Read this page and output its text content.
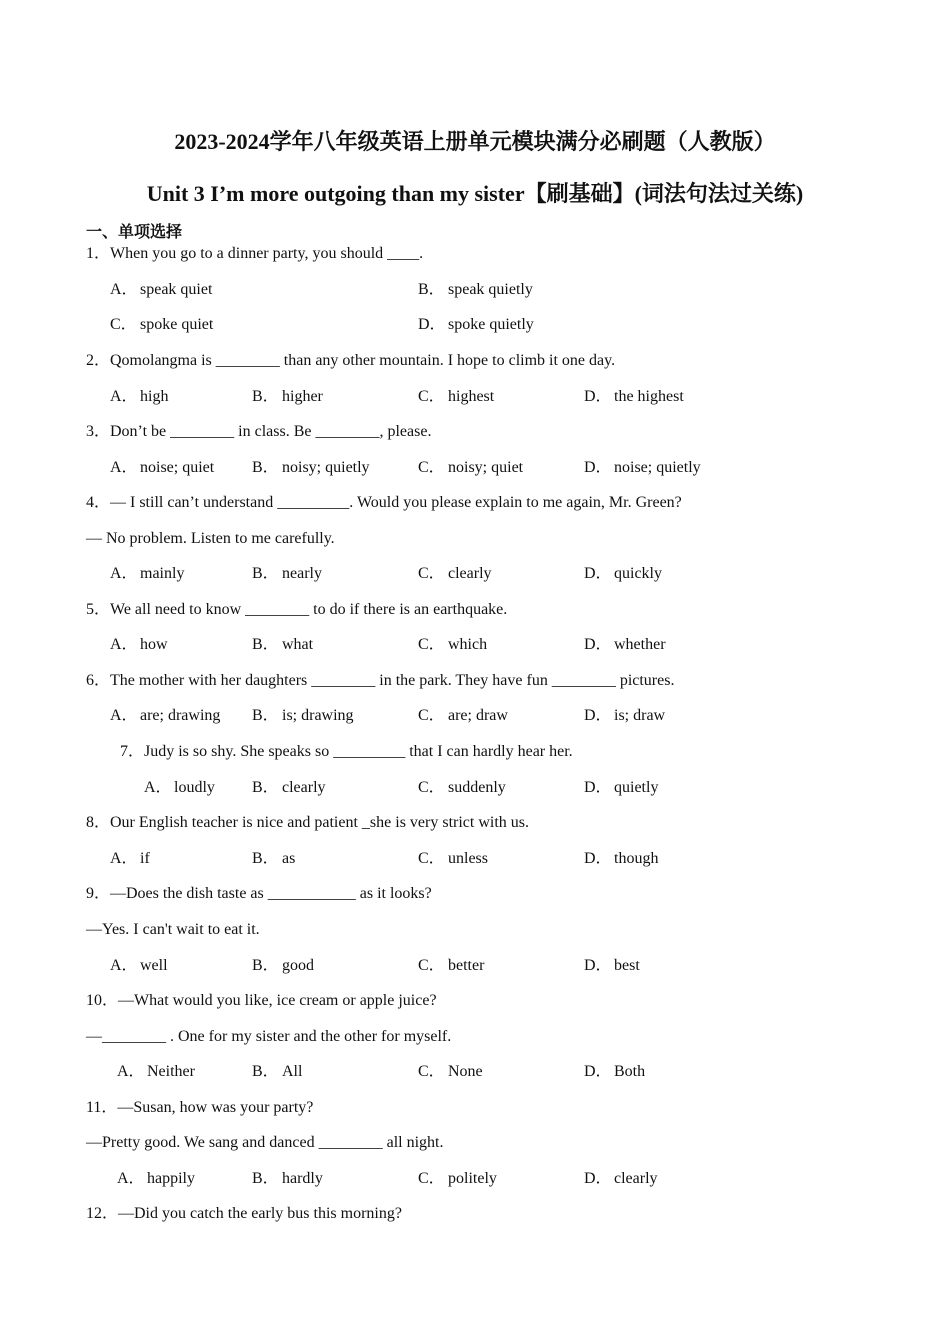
2023-2024学年八年级英语上册单元模块满分必刷题（人教版）
Unit 3 I’m more outgoing than my sister【刷基础】(词法句法过关练)
一、单项选择
1．When you go to a dinner party, you should ____.
A． speak quiet	B． speak quietly
C． spoke quiet	D． spoke quietly
2．Qomolangma is ________ than any other mountain. I hope to climb it one day.
A． high	B． higher	C． highest	D． the highest
3．Don’t be ________ in class. Be ________, please.
A． noise; quiet B． noisy; quietly	C． noisy; quiet	D． noise; quietly
4．— I still can’t understand _________. Would you please explain to me again, Mr. Green?
— No problem. Listen to me carefully.
A． mainly	B． nearly	C． clearly	D． quickly
5．We all need to know ________ to do if there is an earthquake.
A． how	B． what	C． which	D． whether
6．The mother with her daughters ________ in the park. They have fun ________ pictures.
A． are; drawing B． is; drawing	C． are; draw	D． is; draw
7．Judy is so shy. She speaks so _________ that I can hardly hear her.
A． loudly B． clearly	C． suddenly	D． quietly
8．Our English teacher is nice and patient _she is very strict with us.
A． if	B． as	C． unless	D． though
9．—Does the dish taste as ___________ as it looks?
—Yes. I can't wait to eat it.
A． well	B． good	C． better	D． best
10．—What would you like, ice cream or apple juice?
—________ . One for my sister and the other for myself.
A． Neither	B． All	C． None	D． Both
11．—Susan, how was your party?
—Pretty good. We sang and danced ________ all night.
A． happily	B． hardly	C． politely	D． clearly
12．—Did you catch the early bus this morning?
